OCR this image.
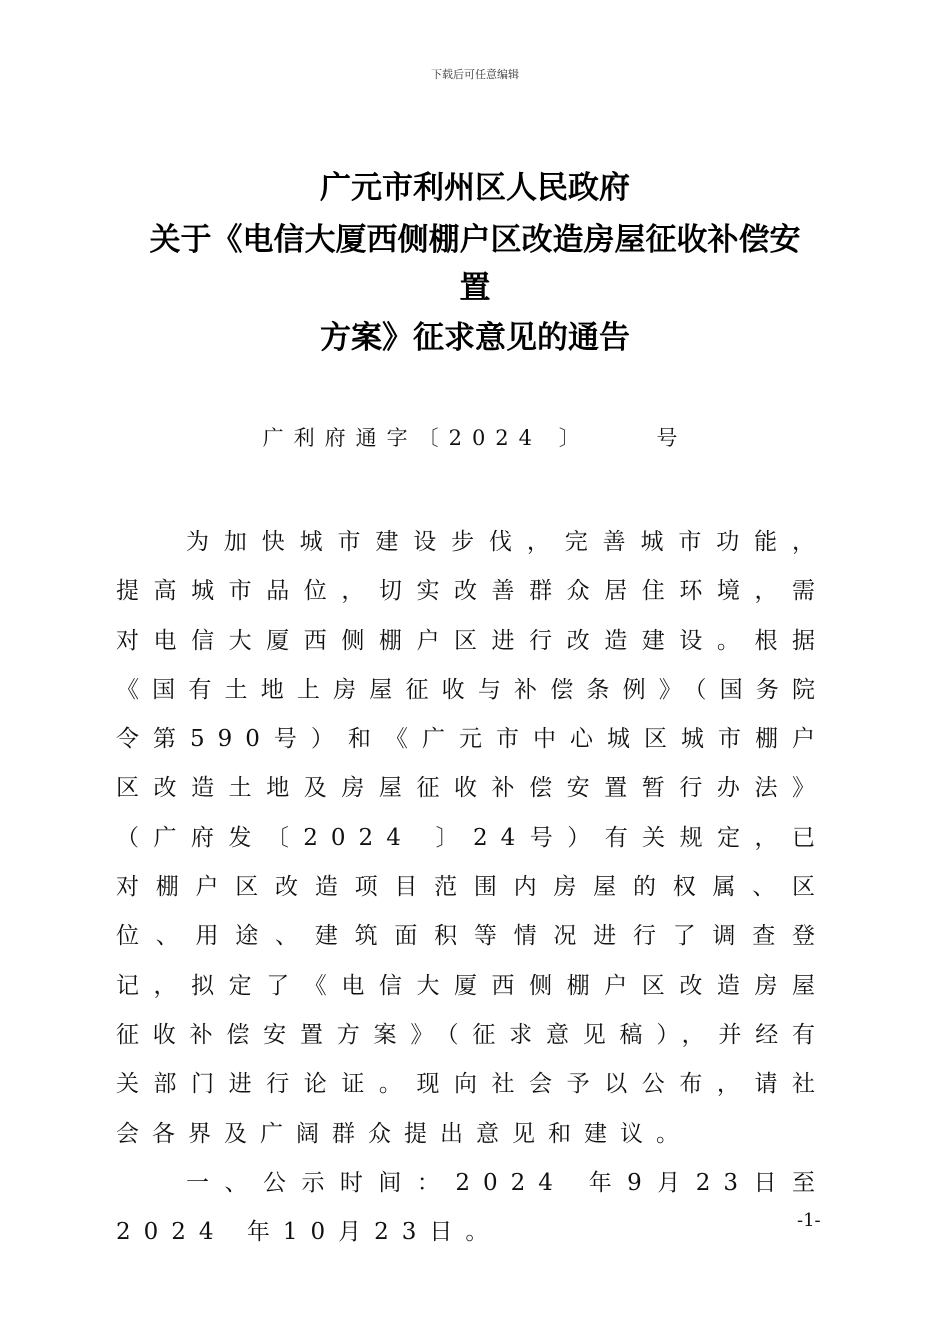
下载后可任意编辑
广元市利州区人民政府
关于《电信大厦西侧棚户区改造房屋征收补偿安
置
方案》征求意见的通告
广利府通字〔2024 〕    号

为加快城市建设步伐，完善城市功能，提高城市品位，切实改善群众居住环境，需对电信大厦西侧棚户区进行改造建设。根据《国有土地上房屋征收与补偿条例》（国务院令第590号）和《广元市中心城区城市棚户区改造土地及房屋征收补偿安置暂行办法》（广府发〔2024 〕24号）有关规定，已对棚户区改造项目范围内房屋的权属、区位、用途、建筑面积等情况进行了调查登记，拟定了《电信大厦西侧棚户区改造房屋征收补偿安置方案》（征求意见稿），并经有关部门进行论证。现向社会予以公布，请社会各界及广阔群众提出意见和建议。

一、公示时间：2024 年9月23日至2024 年10月23日。	-1-
